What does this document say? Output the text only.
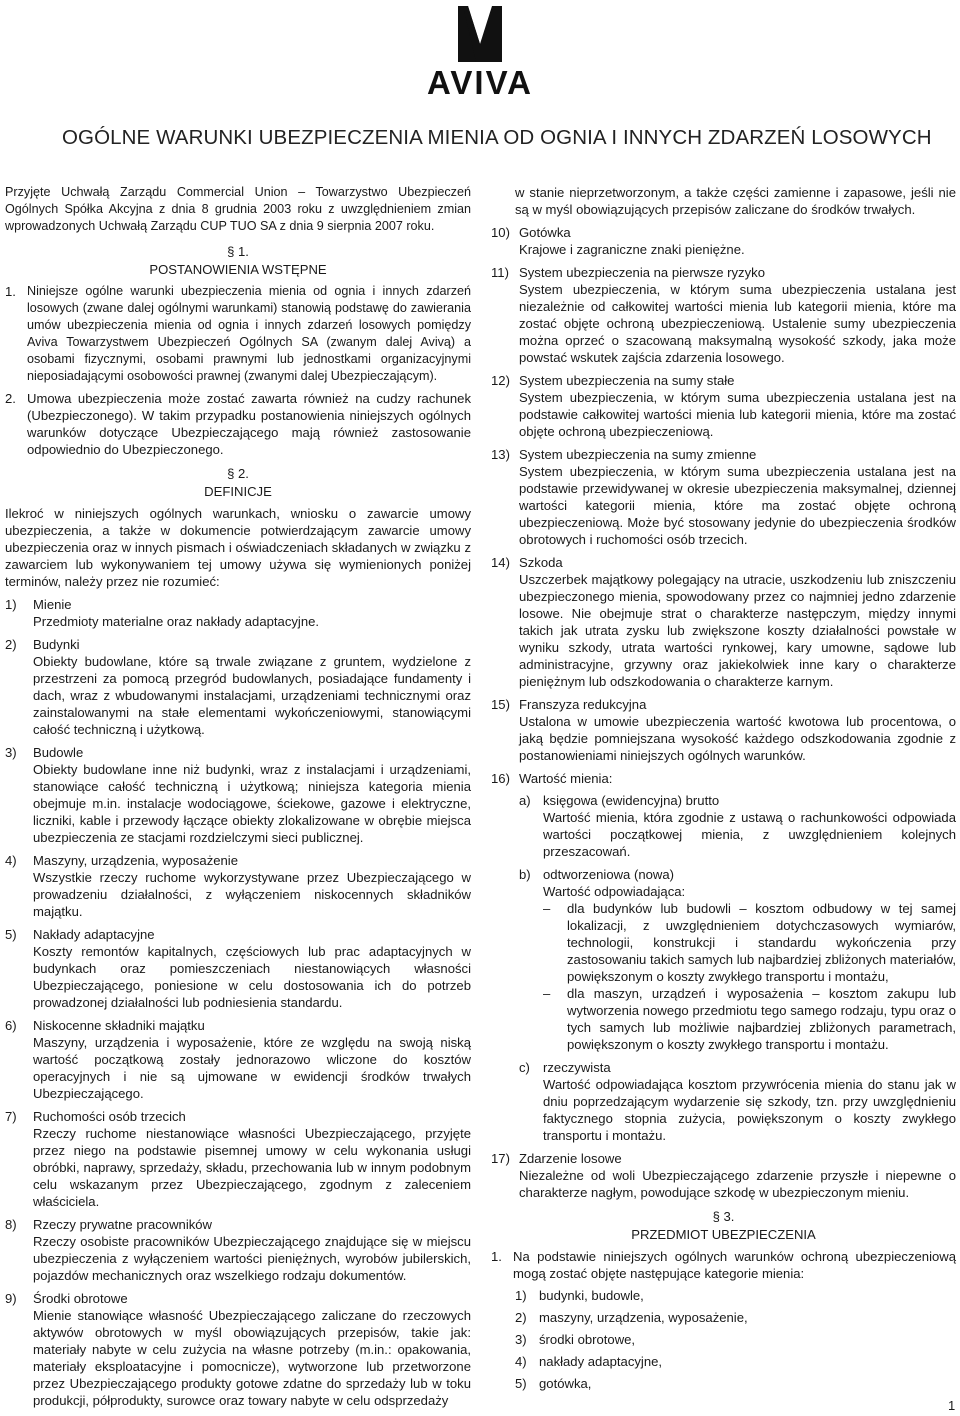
AVIVA
OGÓLNE WARUNKI UBEZPIECZENIA MIENIA OD OGNIA I INNYCH ZDARZEŃ LOSOWYCH

Przyjęte Uchwałą Zarządu Commercial Union – Towarzystwo Ubezpieczeń Ogólnych Spółka Akcyjna z dnia 8 grudnia 2003 roku z uwzględnieniem zmian wprowadzonych Uchwałą Zarządu CUP TUO SA z dnia 9 sierpnia 2007 roku.

§ 1.
POSTANOWIENIA WSTĘPNE
1. Niniejsze ogólne warunki ubezpieczenia mienia od ognia i innych zdarzeń losowych (zwane dalej ogólnymi warunkami) stanowią podstawę do zawierania umów ubezpieczenia mienia od ognia i innych zdarzeń losowych pomiędzy Aviva Towarzystwem Ubezpieczeń Ogólnych SA (zwanym dalej Avivą) a osobami fizycznymi, osobami prawnymi lub jednostkami organizacyjnymi nieposiadającymi osobowości prawnej (zwanymi dalej Ubezpieczającym).
2. Umowa ubezpieczenia może zostać zawarta również na cudzy rachunek (Ubezpieczonego). W takim przypadku postanowienia niniejszych ogólnych warunków dotyczące Ubezpieczającego mają również zastosowanie odpowiednio do Ubezpieczonego.
§ 2.
DEFINICJE

Ilekroć w niniejszych ogólnych warunkach, wniosku o zawarcie umowy ubezpieczenia, a także w dokumencie potwierdzającym zawarcie umowy ubezpieczenia oraz w innych pismach i oświadczeniach składanych w związku z zawarciem lub wykonywaniem tej umowy używa się wymienionych poniżej terminów, należy przez nie rozumieć:

1)	Mienie
Przedmioty materialne oraz nakłady adaptacyjne.
2)	Budynki
Obiekty budowlane, które są trwale związane z gruntem, wydzielone z przestrzeni za pomocą przegród budowlanych, posiadające fundamenty i dach, wraz z wbudowanymi instalacjami, urządzeniami technicznymi oraz zainstalowanymi na stałe elementami wykończeniowymi, stanowiącymi całość techniczną i użytkową.
3)	Budowle
Obiekty budowlane inne niż budynki, wraz z instalacjami i urządzeniami, stanowiące całość techniczną i użytkową; niniejsza kategoria mienia obejmuje m.in. instalacje wodociągowe, ściekowe, gazowe i elektryczne, liczniki, kable i przewody łączące obiekty zlokalizowane w obrębie miejsca ubezpieczenia ze stacjami rozdzielczymi sieci publicznej.
4)	Maszyny, urządzenia, wyposażenie
Wszystkie rzeczy ruchome wykorzystywane przez Ubezpieczającego w prowadzeniu działalności, z wyłączeniem niskocennych składników majątku.
5)	Nakłady adaptacyjne
Koszty remontów kapitalnych, częściowych lub prac adaptacyjnych w budynkach oraz pomieszczeniach niestanowiących własności Ubezpieczającego, poniesione w celu dostosowania ich do potrzeb prowadzonej działalności lub podniesienia standardu.
6)	Niskocenne składniki majątku
Maszyny, urządzenia i wyposażenie, które ze względu na swoją niską wartość początkową zostały jednorazowo wliczone do kosztów operacyjnych i nie są ujmowane w ewidencji środków trwałych Ubezpieczającego.
7)	Ruchomości osób trzecich
Rzeczy ruchome niestanowiące własności Ubezpieczającego, przyjęte przez niego na podstawie pisemnej umowy w celu wykonania usługi obróbki, naprawy, sprzedaży, składu, przechowania lub w innym podobnym celu wskazanym przez Ubezpieczającego, zgodnym z zaleceniem właściciela.
8)	Rzeczy prywatne pracowników
Rzeczy osobiste pracowników Ubezpieczającego znajdujące się w miejscu ubezpieczenia z wyłączeniem wartości pieniężnych, wyrobów jubilerskich, pojazdów mechanicznych oraz wszelkiego rodzaju dokumentów.
9)	Środki obrotowe
Mienie stanowiące własność Ubezpieczającego zaliczane do rzeczowych aktywów obrotowych w myśl obowiązujących przepisów, takie jak: materiały nabyte w celu zużycia na własne potrzeby (m.in.: opakowania, materiały eksploatacyjne i pomocnicze), wytworzone lub przetworzone przez Ubezpieczającego produkty gotowe zdatne do sprzedaży lub w toku produkcji, półprodukty, surowce oraz towary nabyte w celu odsprzedaży

w stanie nieprzetworzonym, a także części zamienne i zapasowe, jeśli nie są w myśl obowiązujących przepisów zaliczane do środków trwałych.

10) Gotówka
Krajowe i zagraniczne znaki pieniężne.
11) System ubezpieczenia na pierwsze ryzyko
System ubezpieczenia, w którym suma ubezpieczenia ustalana jest niezależnie od całkowitej wartości mienia lub kategorii mienia, które ma zostać objęte ochroną ubezpieczeniową. Ustalenie sumy ubezpieczenia można oprzeć o szacowaną maksymalną wysokość szkody, jaka może powstać wskutek zajścia zdarzenia losowego.
12) System ubezpieczenia na sumy stałe
System ubezpieczenia, w którym suma ubezpieczenia ustalana jest na podstawie całkowitej wartości mienia lub kategorii mienia, które ma zostać objęte ochroną ubezpieczeniową.
13) System ubezpieczenia na sumy zmienne
System ubezpieczenia, w którym suma ubezpieczenia ustalana jest na podstawie przewidywanej w okresie ubezpieczenia maksymalnej, dziennej wartości kategorii mienia, które ma zostać objęte ochroną ubezpieczeniową. Może być stosowany jedynie do ubezpieczenia środków obrotowych i ruchomości osób trzecich.
14) Szkoda
Uszczerbek majątkowy polegający na utracie, uszkodzeniu lub zniszczeniu ubezpieczonego mienia, spowodowany przez co najmniej jedno zdarzenie losowe. Nie obejmuje strat o charakterze następczym, między innymi takich jak utrata zysku lub zwiększone koszty działalności powstałe w wyniku szkody, utrata wartości rynkowej, kary umowne, sądowe lub administracyjne, grzywny oraz jakiekolwiek inne kary o charakterze pieniężnym lub odszkodowania o charakterze karnym.
15) Franszyza redukcyjna
Ustalona w umowie ubezpieczenia wartość kwotowa lub procentowa, o jaką będzie pomniejszana wysokość każdego odszkodowania zgodnie z postanowieniami niniejszych ogólnych warunków.
16) Wartość mienia:
a) księgowa (ewidencyjna) brutto
Wartość mienia, która zgodnie z ustawą o rachunkowości odpowiada wartości początkowej mienia, z uwzględnieniem kolejnych przeszacowań.
b) odtworzeniowa (nowa)
Wartość odpowiadająca:
–	dla budynków lub budowli – kosztom odbudowy w tej samej lokalizacji, z uwzględnieniem dotychczasowych wymiarów, technologii, konstrukcji i standardu wykończenia przy zastosowaniu takich samych lub najbardziej zbliżonych materiałów, powiększonym o koszty zwykłego transportu i montażu,
–	dla maszyn, urządzeń i wyposażenia – kosztom zakupu lub wytworzenia nowego przedmiotu tego samego rodzaju, typu oraz o tych samych lub możliwie najbardziej zbliżonych parametrach, powiększonym o koszty zwykłego transportu i montażu.
c) rzeczywista
Wartość odpowiadająca kosztom przywrócenia mienia do stanu jak w dniu poprzedzającym wydarzenie się szkody, tzn. przy uwzględnieniu faktycznego stopnia zużycia, powiększonym o koszty zwykłego transportu i montażu.
17) Zdarzenie losowe
Niezależne od woli Ubezpieczającego zdarzenie przyszłe i niepewne o charakterze nagłym, powodujące szkodę w ubezpieczonym mieniu.
§ 3.
PRZEDMIOT UBEZPIECZENIA
1. Na podstawie niniejszych ogólnych warunków ochroną ubezpieczeniową mogą zostać objęte następujące kategorie mienia:
1) budynki, budowle,
2) maszyny, urządzenia, wyposażenie,
3) środki obrotowe,
4) nakłady adaptacyjne,
5) gotówka,
1
